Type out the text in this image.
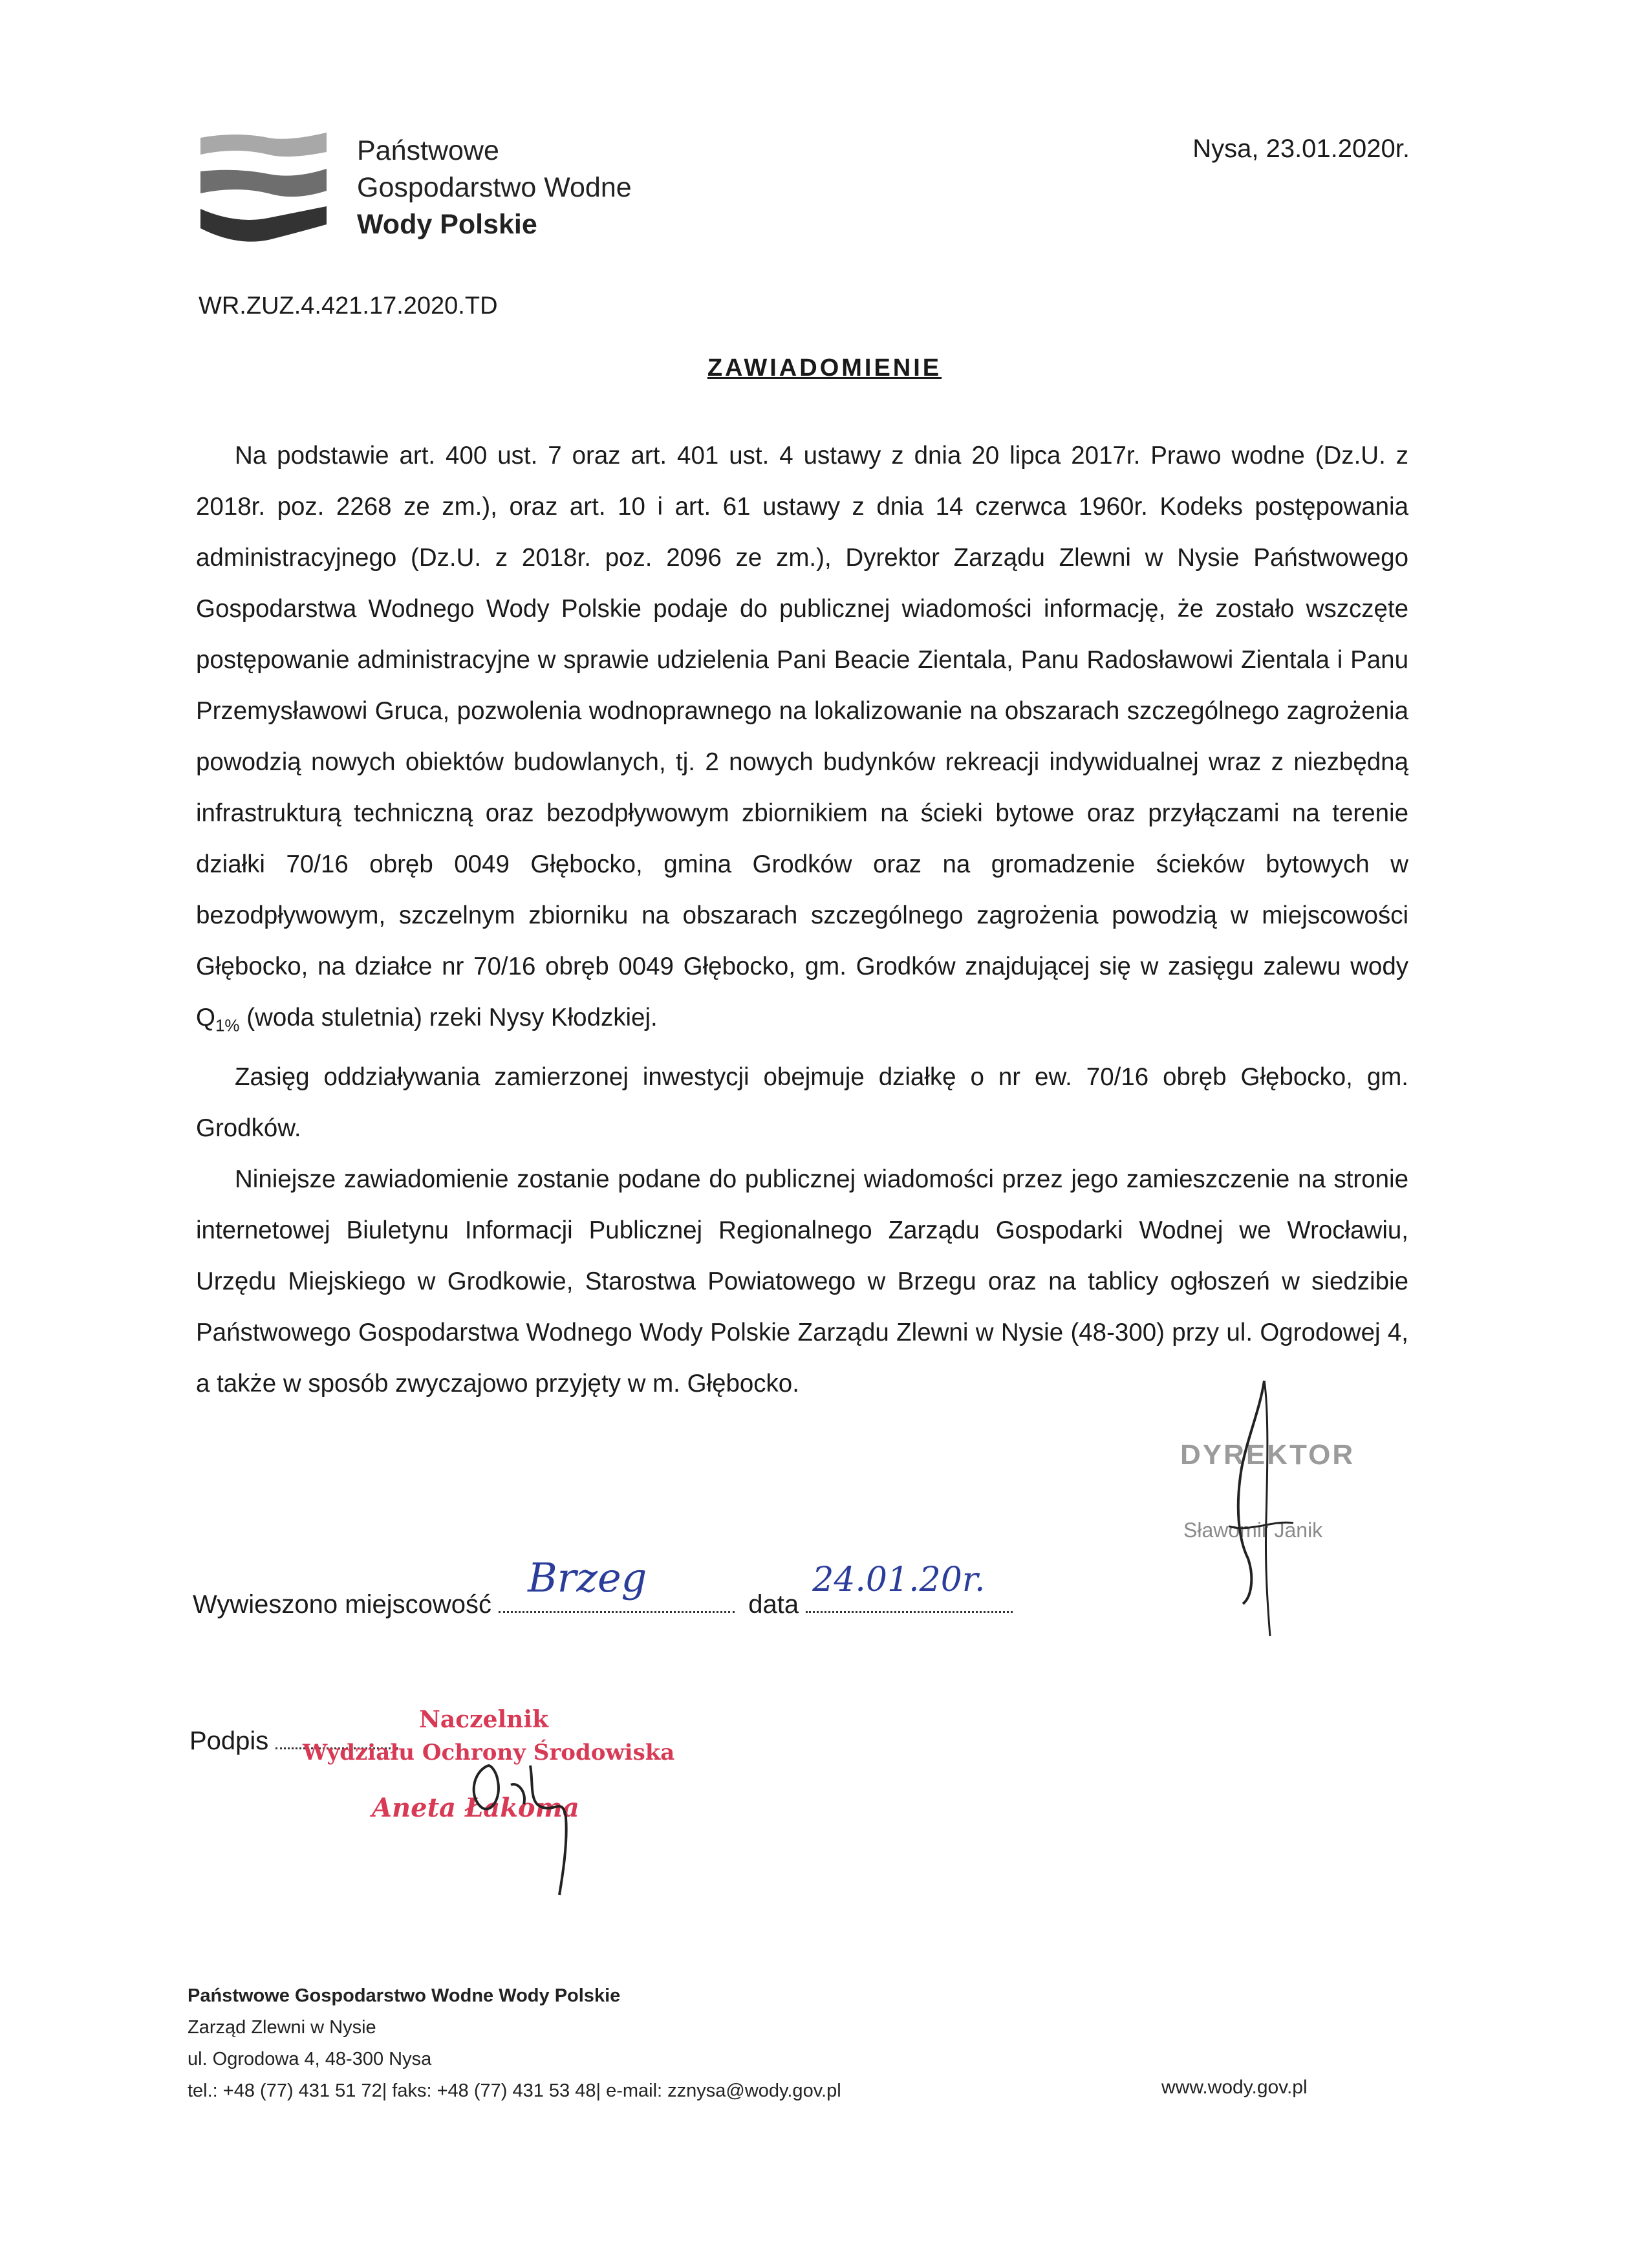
Państwowe
Gospodarstwo Wodne
Wody Polskie
Nysa, 23.01.2020r.
WR.ZUZ.4.421.17.2020.TD
ZAWIADOMIENIE

Na podstawie art. 400 ust. 7 oraz art. 401 ust. 4 ustawy z dnia 20 lipca 2017r. Prawo wodne (Dz.U. z 2018r. poz. 2268 ze zm.), oraz art. 10 i art. 61 ustawy z dnia 14 czerwca 1960r. Kodeks postępowania administracyjnego (Dz.U. z 2018r. poz. 2096 ze zm.), Dyrektor Zarządu Zlewni w Nysie Państwowego Gospodarstwa Wodnego Wody Polskie podaje do publicznej wiadomości informację, że zostało wszczęte postępowanie administracyjne w sprawie udzielenia Pani Beacie Zientala, Panu Radosławowi Zientala i Panu Przemysławowi Gruca, pozwolenia wodnoprawnego na lokalizowanie na obszarach szczególnego zagrożenia powodzią nowych obiektów budowlanych, tj. 2 nowych budynków rekreacji indywidualnej wraz z niezbędną infrastrukturą techniczną oraz bezodpływowym zbiornikiem na ścieki bytowe oraz przyłączami na terenie działki 70/16 obręb 0049 Głębocko, gmina Grodków oraz na gromadzenie ścieków bytowych w bezodpływowym, szczelnym zbiorniku na obszarach szczególnego zagrożenia powodzią w miejscowości Głębocko, na działce nr 70/16 obręb 0049 Głębocko, gm. Grodków znajdującej się w zasięgu zalewu wody $Q_{1\%}$ (woda stuletnia) rzeki Nysy Kłodzkiej.

Zasięg oddziaływania zamierzonej inwestycji obejmuje działkę o nr ew. 70/16 obręb Głębocko, gm. Grodków.

Niniejsze zawiadomienie zostanie podane do publicznej wiadomości przez jego zamieszczenie na stronie internetowej Biuletynu Informacji Publicznej Regionalnego Zarządu Gospodarki Wodnej we Wrocławiu, Urzędu Miejskiego w Grodkowie, Starostwa Powiatowego w Brzegu oraz na tablicy ogłoszeń w siedzibie Państwowego Gospodarstwa Wodnego Wody Polskie Zarządu Zlewni w Nysie (48-300) przy ul. Ogrodowej 4, a także w sposób zwyczajowo przyjęty w m. Głębocko.

DYREKTOR
Sławomir Janik
Wywieszono miejscowość
Brzeg
data
24.01.20r.
Podpis
Naczelnik
Wydziału Ochrony Środowiska
Aneta Łakoma
Państwowe Gospodarstwo Wodne Wody Polskie
Zarząd Zlewni w Nysie
ul. Ogrodowa 4, 48-300 Nysa
tel.: +48 (77) 431 51 72| faks: +48 (77) 431 53 48| e-mail: zznysa@wody.gov.pl	www.wody.gov.pl
